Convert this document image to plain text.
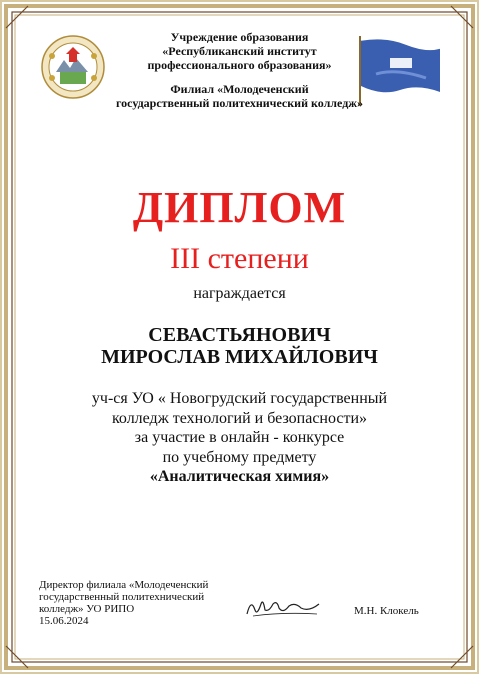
Учреждение образования
«Республиканский институт
профессионального образования»
Филиал «Молодеченский
государственный политехнический колледж»
ДИПЛОМ
III степени
награждается
СЕВАСТЬЯНОВИЧ
МИРОСЛАВ МИХАЙЛОВИЧ
уч-ся УО « Новогрудский государственный
колледж технологий и безопасности»
за участие в онлайн - конкурсе
по учебному предмету
«Аналитическая химия»
Директор филиала «Молодеченский
государственный политехнический
колледж» УО РИПО
15.06.2024
М.Н. Клокель
